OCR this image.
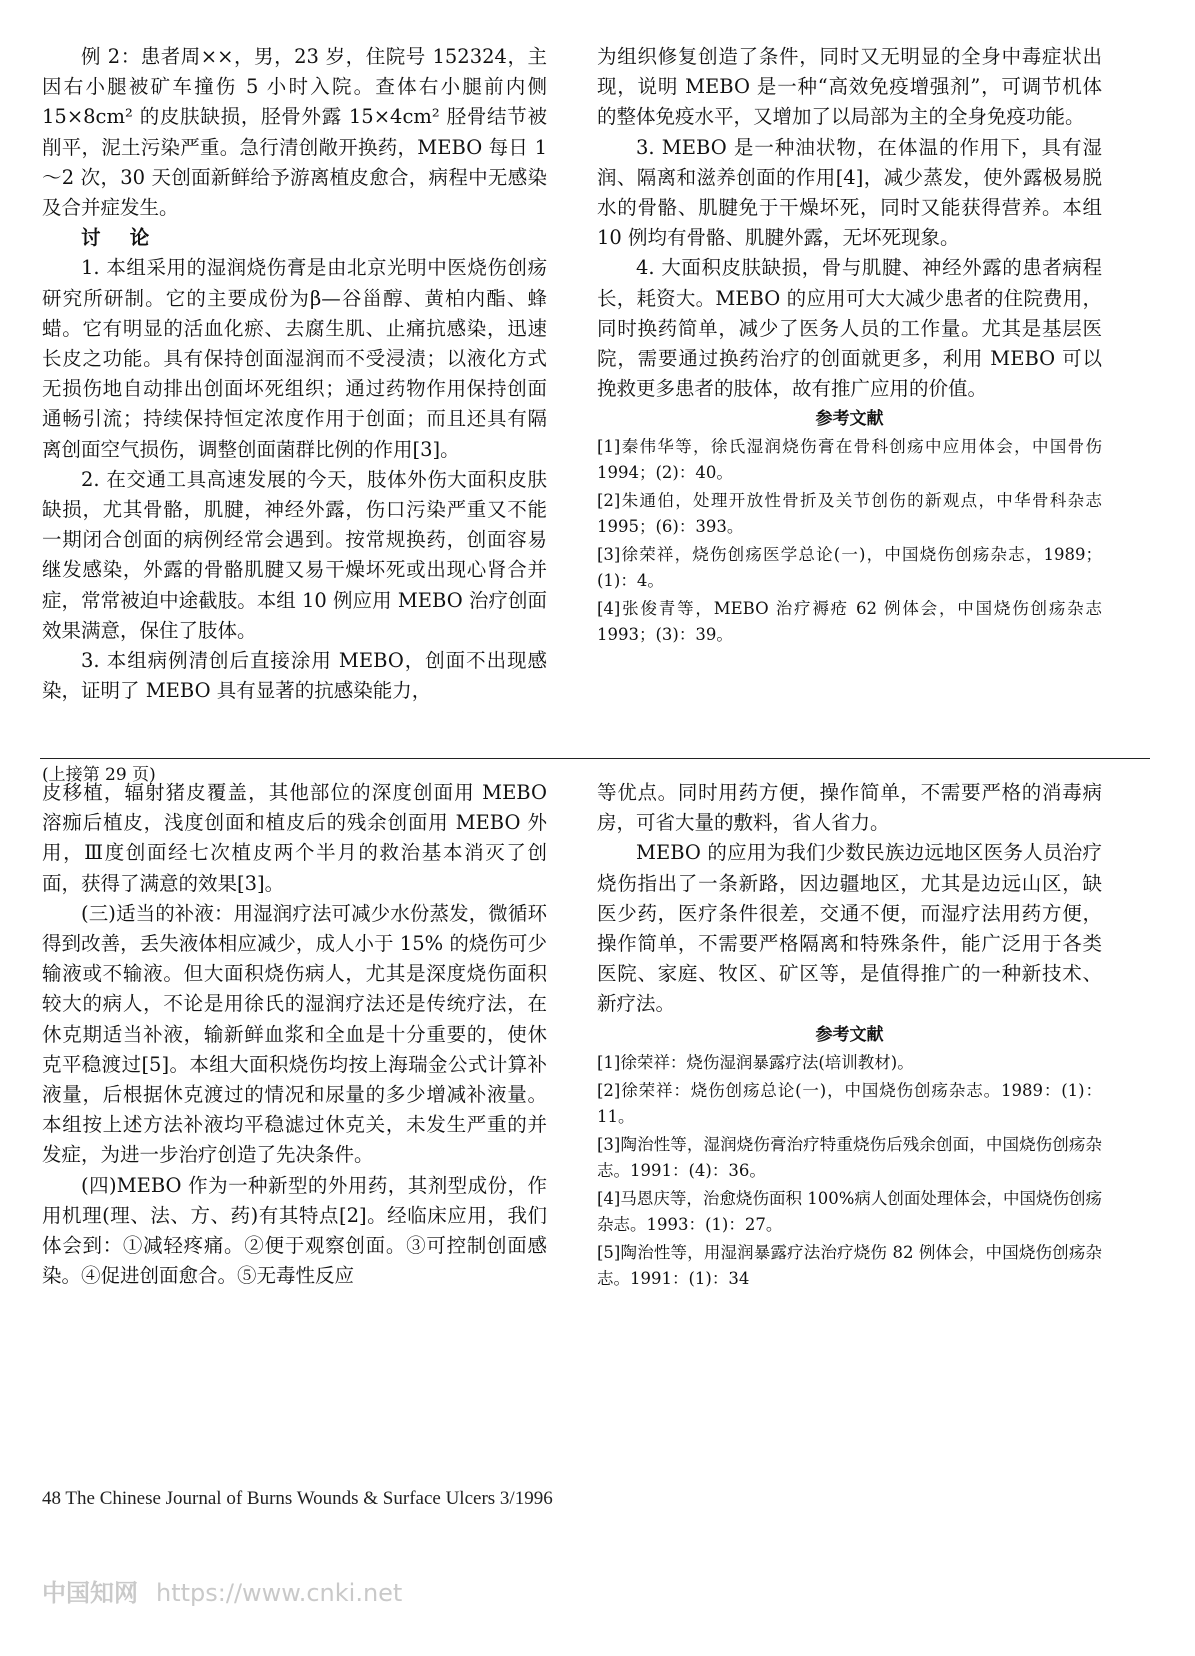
例 2：患者周××，男，23 岁，住院号 152324，主因右小腿被矿车撞伤 5 小时入院。查体右小腿前内侧 15×8cm² 的皮肤缺损，胫骨外露 15×4cm² 胫骨结节被削平，泥土污染严重。急行清创敞开换药，MEBO 每日 1～2 次，30 天创面新鲜给予游离植皮愈合，病程中无感染及合并症发生。

讨论

1. 本组采用的湿润烧伤膏是由北京光明中医烧伤创疡研究所研制。它的主要成份为β—谷甾醇、黄柏内酯、蜂蜡。它有明显的活血化瘀、去腐生肌、止痛抗感染，迅速长皮之功能。具有保持创面湿润而不受浸渍；以液化方式无损伤地自动排出创面坏死组织；通过药物作用保持创面通畅引流；持续保持恒定浓度作用于创面；而且还具有隔离创面空气损伤，调整创面菌群比例的作用[3]。

2. 在交通工具高速发展的今天，肢体外伤大面积皮肤缺损，尤其骨骼，肌腱，神经外露，伤口污染严重又不能一期闭合创面的病例经常会遇到。按常规换药，创面容易继发感染，外露的骨骼肌腱又易干燥坏死或出现心肾合并症，常常被迫中途截肢。本组 10 例应用 MEBO 治疗创面效果满意，保住了肢体。

3. 本组病例清创后直接涂用 MEBO，创面不出现感染，证明了 MEBO 具有显著的抗感染能力，

为组织修复创造了条件，同时又无明显的全身中毒症状出现，说明 MEBO 是一种“高效免疫增强剂”，可调节机体的整体免疫水平，又增加了以局部为主的全身免疫功能。

3. MEBO 是一种油状物，在体温的作用下，具有湿润、隔离和滋养创面的作用[4]，减少蒸发，使外露极易脱水的骨骼、肌腱免于干燥坏死，同时又能获得营养。本组 10 例均有骨骼、肌腱外露，无坏死现象。

4. 大面积皮肤缺损，骨与肌腱、神经外露的患者病程长，耗资大。MEBO 的应用可大大减少患者的住院费用，同时换药简单，减少了医务人员的工作量。尤其是基层医院，需要通过换药治疗的创面就更多，利用 MEBO 可以挽救更多患者的肢体，故有推广应用的价值。

参考文献

[1]秦伟华等，徐氏湿润烧伤膏在骨科创疡中应用体会，中国骨伤 1994；(2)：40。

[2]朱通伯，处理开放性骨折及关节创伤的新观点，中华骨科杂志 1995；(6)：393。

[3]徐荣祥，烧伤创疡医学总论(一)，中国烧伤创疡杂志，1989；(1)：4。

[4]张俊青等，MEBO 治疗褥疮 62 例体会，中国烧伤创疡杂志 1993；(3)：39。

(上接第 29 页)

皮移植，辐射猪皮覆盖，其他部位的深度创面用 MEBO 溶痂后植皮，浅度创面和植皮后的残余创面用 MEBO 外用，Ⅲ度创面经七次植皮两个半月的救治基本消灭了创面，获得了满意的效果[3]。

(三)适当的补液：用湿润疗法可减少水份蒸发，微循环得到改善，丢失液体相应减少，成人小于 15% 的烧伤可少输液或不输液。但大面积烧伤病人，尤其是深度烧伤面积较大的病人，不论是用徐氏的湿润疗法还是传统疗法，在休克期适当补液，输新鲜血浆和全血是十分重要的，使休克平稳渡过[5]。本组大面积烧伤均按上海瑞金公式计算补液量，后根据休克渡过的情况和尿量的多少增减补液量。本组按上述方法补液均平稳滤过休克关，未发生严重的并发症，为进一步治疗创造了先决条件。

(四)MEBO 作为一种新型的外用药，其剂型成份，作用机理(理、法、方、药)有其特点[2]。经临床应用，我们体会到：①减轻疼痛。②便于观察创面。③可控制创面感染。④促进创面愈合。⑤无毒性反应

等优点。同时用药方便，操作简单，不需要严格的消毒病房，可省大量的敷料，省人省力。

MEBO 的应用为我们少数民族边远地区医务人员治疗烧伤指出了一条新路，因边疆地区，尤其是边远山区，缺医少药，医疗条件很差，交通不便，而湿疗法用药方便，操作简单，不需要严格隔离和特殊条件，能广泛用于各类医院、家庭、牧区、矿区等，是值得推广的一种新技术、新疗法。

参考文献

[1]徐荣祥：烧伤湿润暴露疗法(培训教材)。

[2]徐荣祥：烧伤创疡总论(一)，中国烧伤创疡杂志。1989：(1)：11。

[3]陶治性等，湿润烧伤膏治疗特重烧伤后残余创面，中国烧伤创疡杂志。1991：(4)：36。

[4]马恩庆等，治愈烧伤面积 100%病人创面处理体会，中国烧伤创疡杂志。1993：(1)：27。

[5]陶治性等，用湿润暴露疗法治疗烧伤 82 例体会，中国烧伤创疡杂志。1991：(1)：34

48 The Chinese Journal of Burns Wounds & Surface Ulcers 3/1996
中国知网 https://www.cnki.net
